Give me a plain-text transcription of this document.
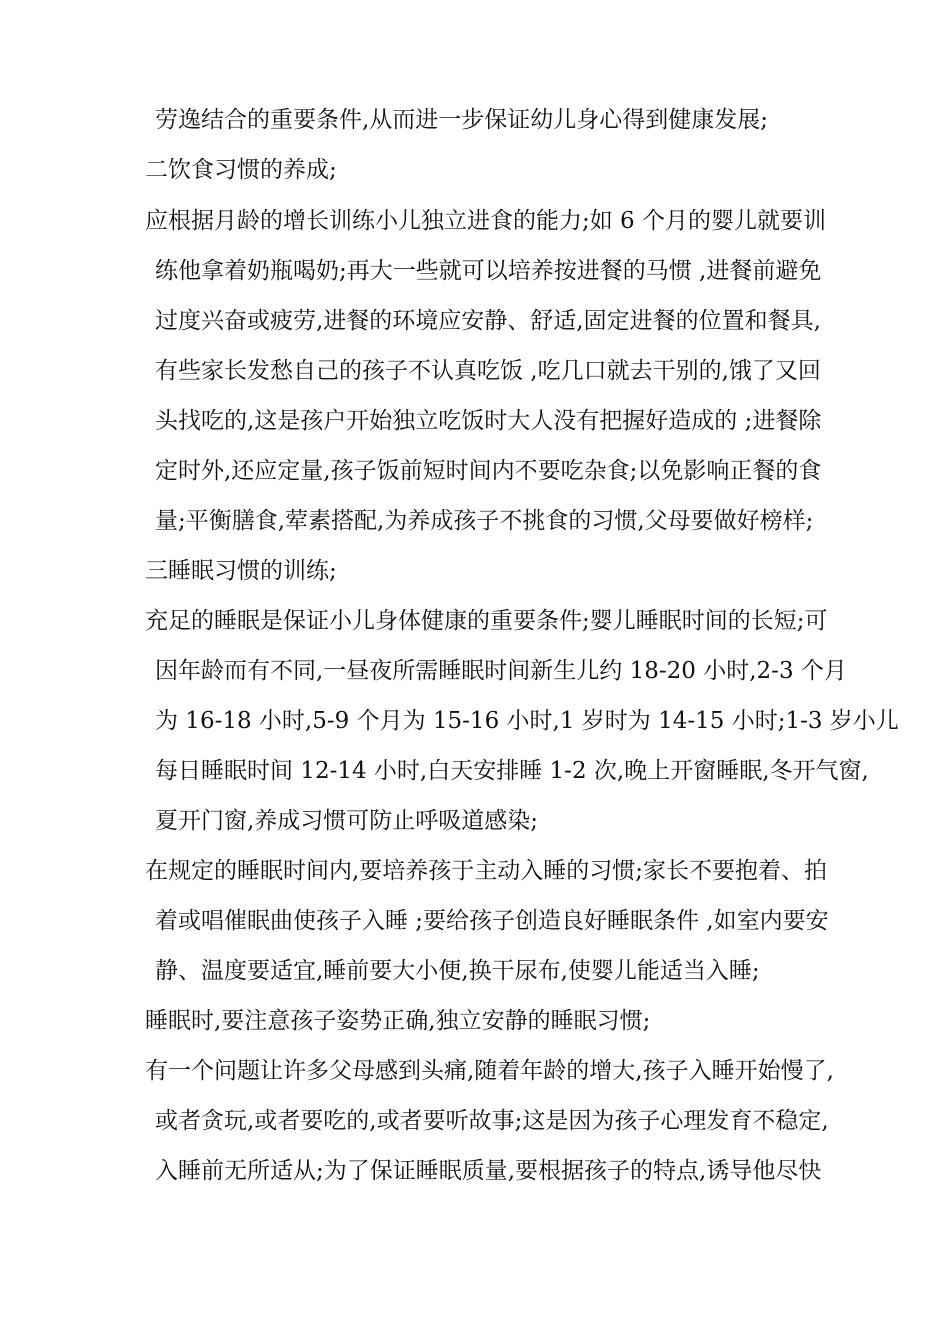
劳逸结合的重要条件,从而进一步保证幼儿身心得到健康发展;
二饮食习惯的养成;
应根据月龄的增长训练小儿独立进食的能力;如 6 个月的婴儿就要训
练他拿着奶瓶喝奶;再大一些就可以培养按进餐的马惯 ,进餐前避免
过度兴奋或疲劳,进餐的环境应安静、舒适,固定进餐的位置和餐具,
有些家长发愁自己的孩子不认真吃饭 ,吃几口就去干别的,饿了又回
头找吃的,这是孩户开始独立吃饭时大人没有把握好造成的 ;进餐除
定时外,还应定量,孩子饭前短时间内不要吃杂食;以免影响正餐的食
量;平衡膳食,荤素搭配,为养成孩子不挑食的习惯,父母要做好榜样;
三睡眠习惯的训练;
充足的睡眠是保证小儿身体健康的重要条件;婴儿睡眠时间的长短;可
因年龄而有不同,一昼夜所需睡眠时间新生儿约 18-20 小时,2-3 个月
为 16-18 小时,5-9 个月为 15-16 小时,1 岁时为 14-15 小时;1-3 岁小儿
每日睡眠时间 12-14 小时,白天安排睡 1-2 次,晚上开窗睡眠,冬开气窗,
夏开门窗,养成习惯可防止呼吸道感染;
在规定的睡眠时间内,要培养孩于主动入睡的习惯;家长不要抱着、拍
着或唱催眠曲使孩子入睡 ;要给孩子创造良好睡眠条件 ,如室内要安
静、温度要适宜,睡前要大小便,换干尿布,使婴儿能适当入睡;
睡眠时,要注意孩子姿势正确,独立安静的睡眠习惯;
有一个问题让许多父母感到头痛,随着年龄的增大,孩子入睡开始慢了,
或者贪玩,或者要吃的,或者要听故事;这是因为孩子心理发育不稳定,
入睡前无所适从;为了保证睡眠质量,要根据孩子的特点,诱导他尽快
